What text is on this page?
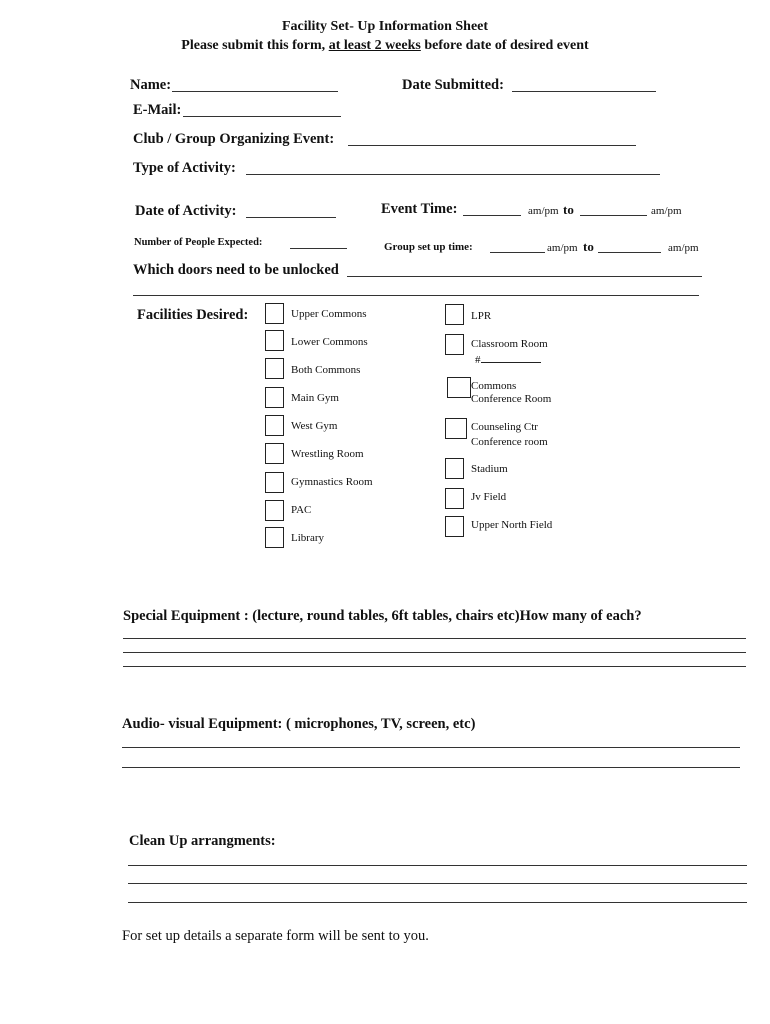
Facility Set- Up Information Sheet
Please submit this form, at least 2 weeks before date of desired event
Name:	Date Submitted:
E-Mail:
Club / Group Organizing Event:
Type of Activity:
Date of Activity:	Event Time:	am/pm to	am/pm
Number of People Expected:	Group set up time:	am/pm to	am/pm
Which doors need to be unlocked
Facilities Desired:	Upper Commons
Lower Commons
Both Commons
Main Gym
West Gym
Wrestling Room
Gymnastics Room
PAC
Library
LPR
Classroom Room
#
Commons
Conference Room
Counseling Ctr
Conference room
Stadium
Jv Field
Upper North Field
Special Equipment : (lecture, round tables, 6ft tables, chairs etc)How many of each?
Audio- visual Equipment: ( microphones, TV, screen, etc)
Clean Up arrangments:
For set up details a separate form will be sent to you.
